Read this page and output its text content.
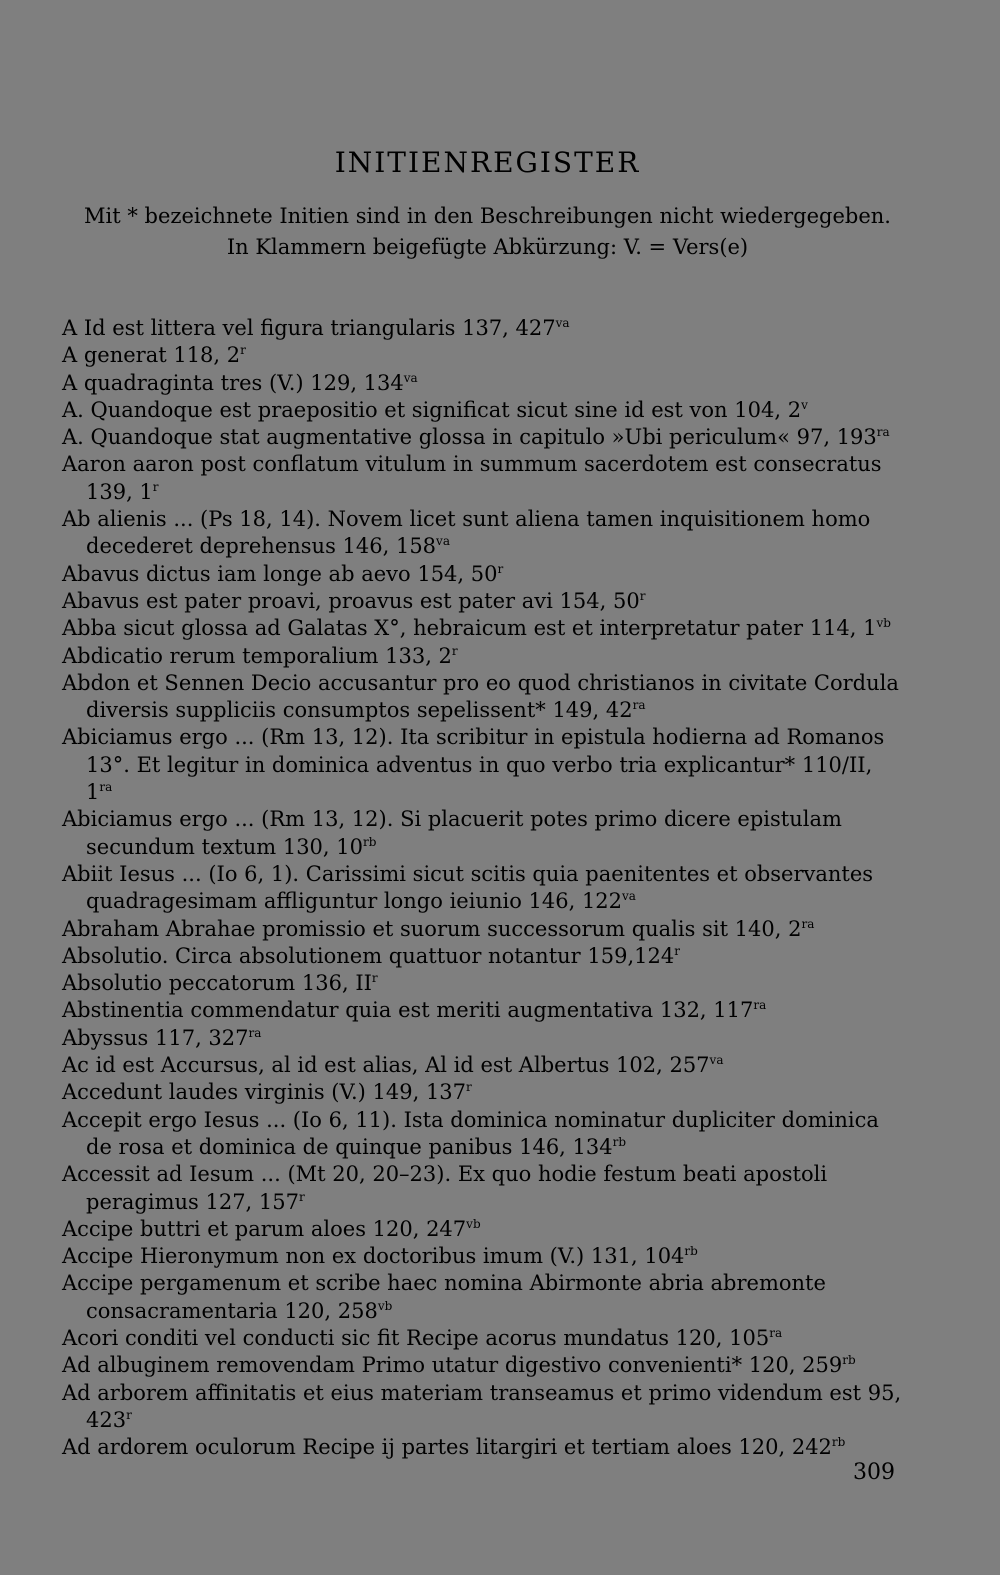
INITIENREGISTER
Mit * bezeichnete Initien sind in den Beschreibungen nicht wiedergegeben.
In Klammern beigefügte Abkürzung: V. = Vers(e)
A Id est littera vel figura triangularis 137, $427^{va}$
A generat 118, 2$^r$
A quadraginta tres (V.) 129, $134^{va}$
A. Quandoque est praepositio et significat sicut sine id est von 104, 2$^v$
A. Quandoque stat augmentative glossa in capitulo »Ubi periculum« 97, $193^{ra}$
Aaron aaron post conflatum vitulum in summum sacerdotem est consecratus 139, 1$^r$
Ab alienis ... (Ps 18, 14). Novem licet sunt aliena tamen inquisitionem homo decederet deprehensus 146, $158^{va}$
Abavus dictus iam longe ab aevo 154, 50$^r$
Abavus est pater proavi, proavus est pater avi 154, 50$^r$
Abba sicut glossa ad Galatas X°, hebraicum est et interpretatur pater 114, $1^{vb}$
Abdicatio rerum temporalium 133, 2$^r$
Abdon et Sennen Decio accusantur pro eo quod christianos in civitate Cordula diversis suppliciis consumptos sepelissent* 149, $42^{ra}$
Abiciamus ergo ... (Rm 13, 12). Ita scribitur in epistula hodierna ad Romanos 13°. Et legitur in dominica adventus in quo verbo tria explicantur* 110/II, $1^{ra}$
Abiciamus ergo ... (Rm 13, 12). Si placuerit potes primo dicere epistulam secundum textum 130, $10^{rb}$
Abiit Iesus ... (Io 6, 1). Carissimi sicut scitis quia paenitentes et observantes quadragesimam affliguntur longo ieiunio 146, $122^{va}$
Abraham Abrahae promissio et suorum successorum qualis sit 140, $2^{ra}$
Absolutio. Circa absolutionem quattuor notantur 159,124$^r$
Absolutio peccatorum 136, $II^r$
Abstinentia commendatur quia est meriti augmentativa 132, $117^{ra}$
Abyssus 117, $327^{ra}$
Ac id est Accursus, al id est alias, Al id est Albertus 102, $257^{va}$
Accedunt laudes virginis (V.) 149, 137$^r$
Accepit ergo Iesus ... (Io 6, 11). Ista dominica nominatur dupliciter dominica de rosa et dominica de quinque panibus 146, $134^{rb}$
Accessit ad Iesum ... (Mt 20, 20–23). Ex quo hodie festum beati apostoli peragimus 127, 157$^r$
Accipe buttri et parum aloes 120, $247^{vb}$
Accipe Hieronymum non ex doctoribus imum (V.) 131, $104^{rb}$
Accipe pergamenum et scribe haec nomina Abirmonte abria abremonte consacramentaria 120, $258^{vb}$
Acori conditi vel conducti sic fit Recipe acorus mundatus 120, $105^{ra}$
Ad albuginem removendam Primo utatur digestivo convenienti* 120, $259^{rb}$
Ad arborem affinitatis et eius materiam transeamus et primo videndum est 95, 423$^r$
Ad ardorem oculorum Recipe ij partes litargiri et tertiam aloes 120, $242^{rb}$
309
